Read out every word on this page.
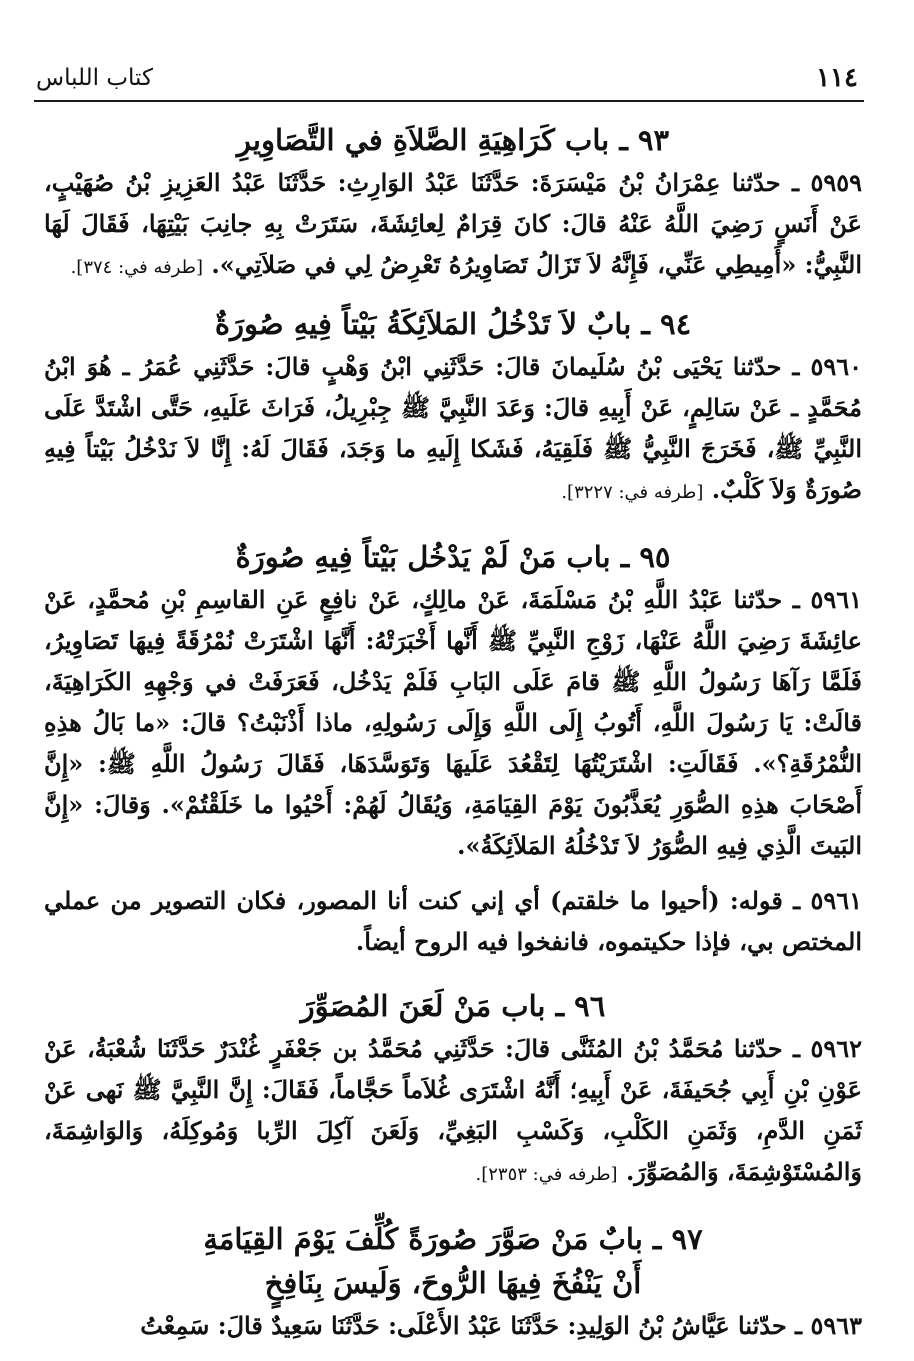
١١٤
كتاب اللباس
٩٣ ـ باب كَرَاهِيَةِ الصَّلاَةِ في التَّصَاوِيرِ

٥٩٥٩ ـ حدّثنا عِمْرَانُ بْنُ مَيْسَرَةَ: حَدَّثَنَا عَبْدُ الوَارِثِ: حَدَّثَنَا عَبْدُ العَزِيزِ بْنُ صُهَيْبٍ، عَنْ أَنَسٍ رَضِيَ اللَّهُ عَنْهُ قالَ: كانَ قِرَامٌ لِعائِشَةَ، سَتَرَتْ بِهِ جانِبَ بَيْتِهَا، فَقَالَ لَهَا النَّبِيُّ: «أَمِيطِي عَنِّي، فَإِنَّهُ لاَ تَزَالُ تَصَاوِيرُهُ تَعْرِضُ لِي في صَلاَتِي». [طرفه في: ٣٧٤].

٩٤ ـ بابٌ لاَ تَدْخُلُ المَلاَئِكَةُ بَيْتاً فِيهِ صُورَةٌ

٥٩٦٠ ـ حدّثنا يَحْيَى بْنُ سُلَيمانَ قالَ: حَدَّثَنِي ابْنُ وَهْبٍ قالَ: حَدَّثَنِي عُمَرُ ـ هُوَ ابْنُ مُحَمَّدٍ ـ عَنْ سَالِمٍ، عَنْ أَبِيهِ قالَ: وَعَدَ النَّبِيَّ ﷺ جِبْرِيلُ، فَرَاثَ عَلَيهِ، حَتَّى اشْتَدَّ عَلَى النَّبِيِّ ﷺ، فَخَرَجَ النَّبِيُّ ﷺ فَلَقِيَهُ، فَشَكا إِلَيهِ ما وَجَدَ، فَقَالَ لَهُ: إِنَّا لاَ نَدْخُلُ بَيْتاً فِيهِ صُورَةٌ وَلاَ كَلْبٌ. [طرفه في: ٣٢٢٧].

٩٥ ـ باب مَنْ لَمْ يَدْخُل بَيْتاً فِيهِ صُورَةٌ

٥٩٦١ ـ حدّثنا عَبْدُ اللَّهِ بْنُ مَسْلَمَةَ، عَنْ مالِكٍ، عَنْ نافِعٍ عَنِ القاسِمِ بْنِ مُحمَّدٍ، عَنْ عائِشَةَ رَضِيَ اللَّهُ عَنْهَا، زَوْجِ النَّبِيِّ ﷺ أَنَّها أَخْبَرَتْهُ: أَنَّهَا اشْتَرَتْ نُمْرُقَةً فِيهَا تَصَاوِيرُ، فَلَمَّا رَآهَا رَسُولُ اللَّهِ ﷺ قامَ عَلَى البَابِ فَلَمْ يَدْخُل، فَعَرَفَتْ في وَجْهِهِ الكَرَاهِيَةَ، قالَتْ: يَا رَسُولَ اللَّهِ، أَتُوبُ إِلَى اللَّهِ وَإِلَى رَسُولِهِ، ماذا أَذْنَبْتُ؟ قالَ: «ما بَالُ هذِهِ النُّمْرُقَةِ؟». فَقَالَتِ: اشْتَرَيْتُهَا لِتَقْعُدَ عَلَيهَا وَتَوَسَّدَهَا، فَقَالَ رَسُولُ اللَّهِ ﷺ: «إِنَّ أَصْحَابَ هذِهِ الصُّوَرِ يُعَذَّبُونَ يَوْمَ القِيَامَةِ، وَيُقَالُ لَهُمْ: أَحْيُوا ما خَلَقْتُمْ». وَقالَ: «إِنَّ البَيتَ الَّذِي فِيهِ الصُّوَرُ لاَ تَدْخُلُهُ المَلاَئِكَةُ».

٥٩٦١ ـ قوله: (أحيوا ما خلقتم) أي إني كنت أنا المصور، فكان التصوير من عملي المختص بي، فإذا حكيتموه، فانفخوا فيه الروح أيضاً.

٩٦ ـ باب مَنْ لَعَنَ المُصَوِّرَ

٥٩٦٢ ـ حدّثنا مُحَمَّدُ بْنُ المُثَنَّى قالَ: حَدَّثَنِي مُحَمَّدُ بن جَعْفَرٍ غُنْدَرٌ حَدَّثَنَا شُعْبَةُ، عَنْ عَوْنِ بْنِ أَبِي جُحَيفَةَ، عَنْ أَبِيهِ؛ أَنَّهُ اشْتَرَى غُلاَماً حَجَّاماً، فَقَالَ: إِنَّ النَّبِيَّ ﷺ نَهى عَنْ ثَمَنِ الدَّمِ، وَثَمَنِ الكَلْبِ، وَكَسْبِ البَغِيِّ، وَلَعَنَ آكِلَ الرِّبا وَمُوكِلَهُ، وَالوَاشِمَةَ، وَالمُسْتَوْشِمَةَ، وَالمُصَوِّرَ. [طرفه في: ٢٣٥٣].

٩٧ ـ بابٌ مَنْ صَوَّرَ صُورَةً كُلِّفَ يَوْمَ القِيَامَةِ
أَنْ يَنْفُخَ فِيهَا الرُّوحَ، وَلَيسَ بِنَافِخٍ

٥٩٦٣ ـ حدّثنا عَيَّاشُ بْنُ الوَلِيدِ: حَدَّثَنَا عَبْدُ الأَعْلَى: حَدَّثَنَا سَعِيدٌ قالَ: سَمِعْتُ
